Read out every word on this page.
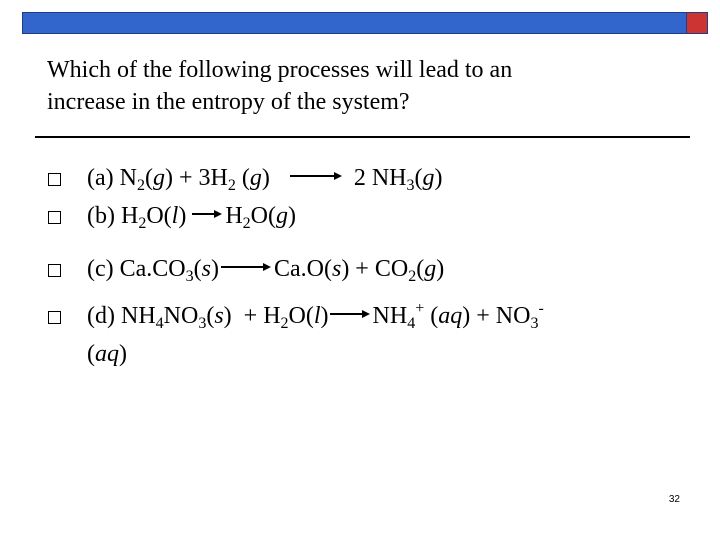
Which of the following processes will lead to an
increase in the entropy of the system?
(a) $N_2(g) + 3H_2$ (g)	2 $NH_3(g)$
(b) $H_2O(l)$ $H_2O(g)$
(c) $Ca.CO_3(s) Ca.O(s) + CO_2(g)$
(d) $NH_4NO_3(s) + H_2O(l)$ $NH_4^+$ $(aq) + NO_3^-$
(aq)
32
